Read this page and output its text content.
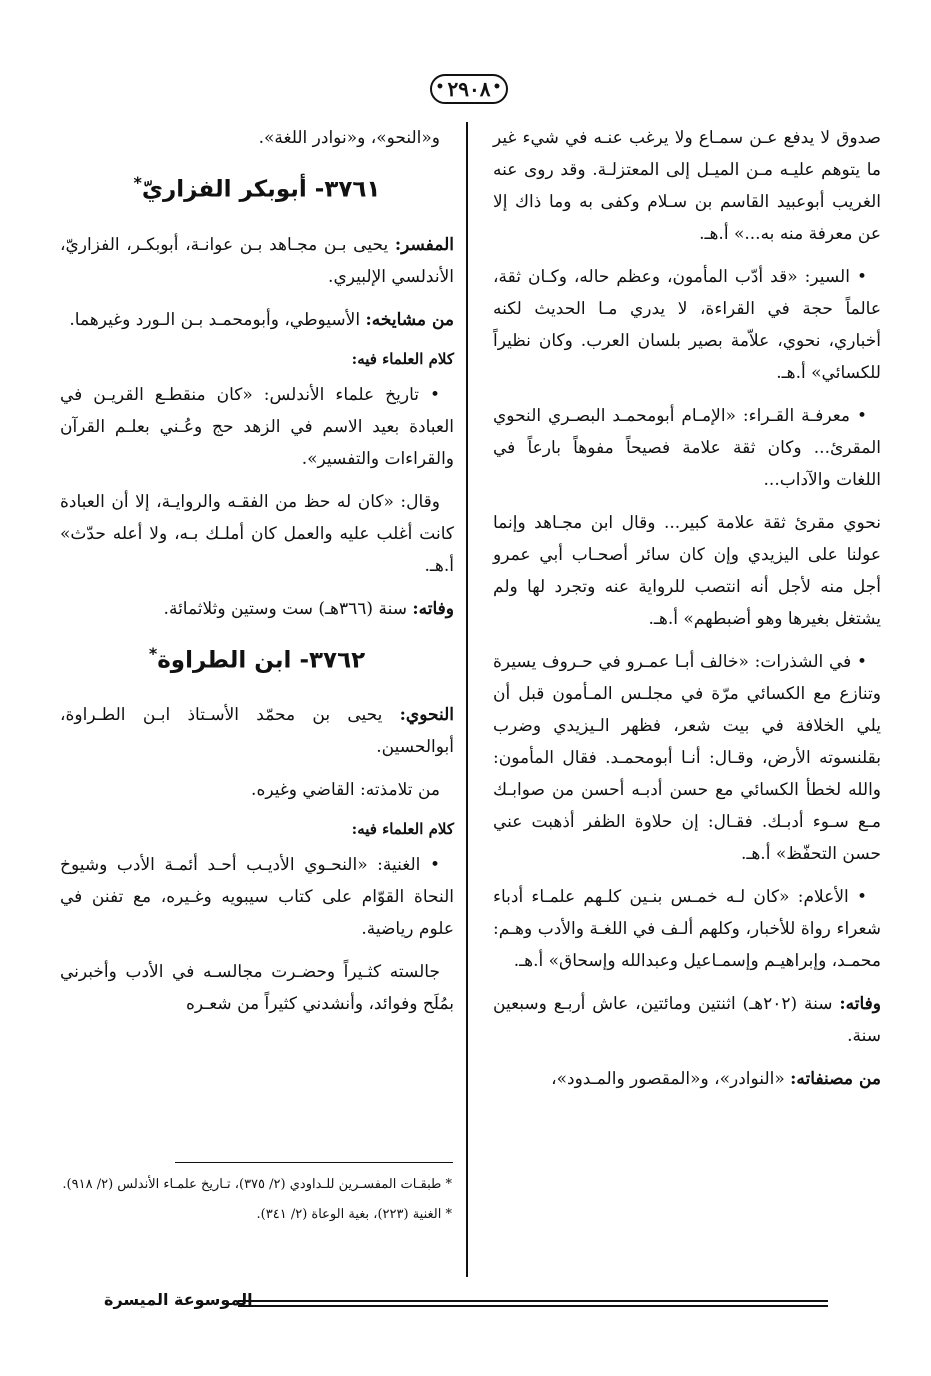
• ٢٩٠٨ •

صدوق لا يدفع عـن سمـاع ولا يرغب عنـه في شيء غير ما يتوهم عليـه مـن الميـل إلى المعتزلـة. وقد روى عنه الغريب أبوعبيد القاسم بن سـلام وكفى به وما ذاك إلا عن معرفة منه به...» أ.هـ.

• السير: «قد أدّب المأمون، وعظم حاله، وكـان ثقة، عالماً حجة في القراءة، لا يدري مـا الحديث لكنه أخباري، نحوي، علاّمة بصير بلسان العرب. وكان نظيراً للكسائي» أ.هـ.

• معرفـة القـراء: «الإمـام أبومحمـد البصـري النحوي المقرئ... وكان ثقة علامة فصيحاً مفوهاً بارعاً في اللغات والآداب...

نحوي مقرئ ثقة علامة كبير... وقال ابن مجـاهد وإنما عولنا على اليزيدي وإن كان سائر أصحـاب أبي عمرو أجل منه لأجل أنه انتصب للرواية عنه وتجرد لها ولم يشتغل بغيرها وهو أضبطهم» أ.هـ.

• في الشذرات: «خالف أبـا عمـرو في حـروف يسيرة وتنازع مع الكسائي مرّة في مجلـس المـأمون قبل أن يلي الخلافة في بيت شعر، فظهر الـيزيدي وضرب بقلنسوته الأرض، وقـال: أنـا أبومحمـد. فقال المأمون: والله لخطأ الكسائي مع حسن أدبـه أحسن من صوابـك مـع سـوء أدبـك. فقـال: إن حلاوة الظفر أذهبت عني حسن التحفّظ» أ.هـ.

• الأعلام: «كان لـه خمـس بنـين كلـهم علمـاء أدباء شعراء رواة للأخبار، وكلهم ألـف في اللغـة والأدب وهـم: محمـد، وإبراهيـم وإسمـاعيل وعبدالله وإسحاق» أ.هـ.

وفاته: سنة (٢٠٢هـ) اثنتين ومائتين، عاش أربـع وسبعين سنة.

من مصنفاته: «النوادر»، و«المقصور والمـدود»،

و«النحو»، و«نوادر اللغة».

٣٧٦١- أبوبكر الفزاريّ*

المفسر: يحيى بـن مجـاهد بـن عوانـة، أبوبكـر، الفزاريّ، الأندلسي الإلبيري.

من مشايخه: الأسيوطي، وأبومحمـد بـن الـورد وغيرهما.

كلام العلماء فيه:

• تاريخ علماء الأندلس: «كان منقطـع القريـن في العبادة بعيد الاسم في الزهد حج وعُـني بعلـم القرآن والقراءات والتفسير».

وقال: «كان له حظ من الفقـه والروايـة، إلا أن العبادة كانت أغلب عليه والعمل كان أملـك بـه، ولا أعله حدّث» أ.هـ.

وفاته: سنة (٣٦٦هـ) ست وستين وثلاثمائة.

٣٧٦٢- ابن الطراوة*

النحوي: يحيى بن محمّد الأسـتاذ ابـن الطـراوة، أبوالحسين.

من تلامذته: القاضي وغيره.

كلام العلماء فيه:

• الغنية: «النحـوي الأديـب أحـد أئمـة الأدب وشيوخ النحاة القوّام على كتاب سيبويه وغـيره، مع تفنن في علوم رياضية.

جالسته كثـيراً وحضـرت مجالسـه في الأدب وأخبرني بمُلَح وفوائد، وأنشدني كثيراً من شعـره

* طبقـات المفسـرين للـداودي (٢/ ٣٧٥)، تـاريخ علمـاء الأندلس (٢/ ٩١٨).

* الغنية (٢٢٣)، بغية الوعاة (٢/ ٣٤١).

الموسوعة الميسرة
